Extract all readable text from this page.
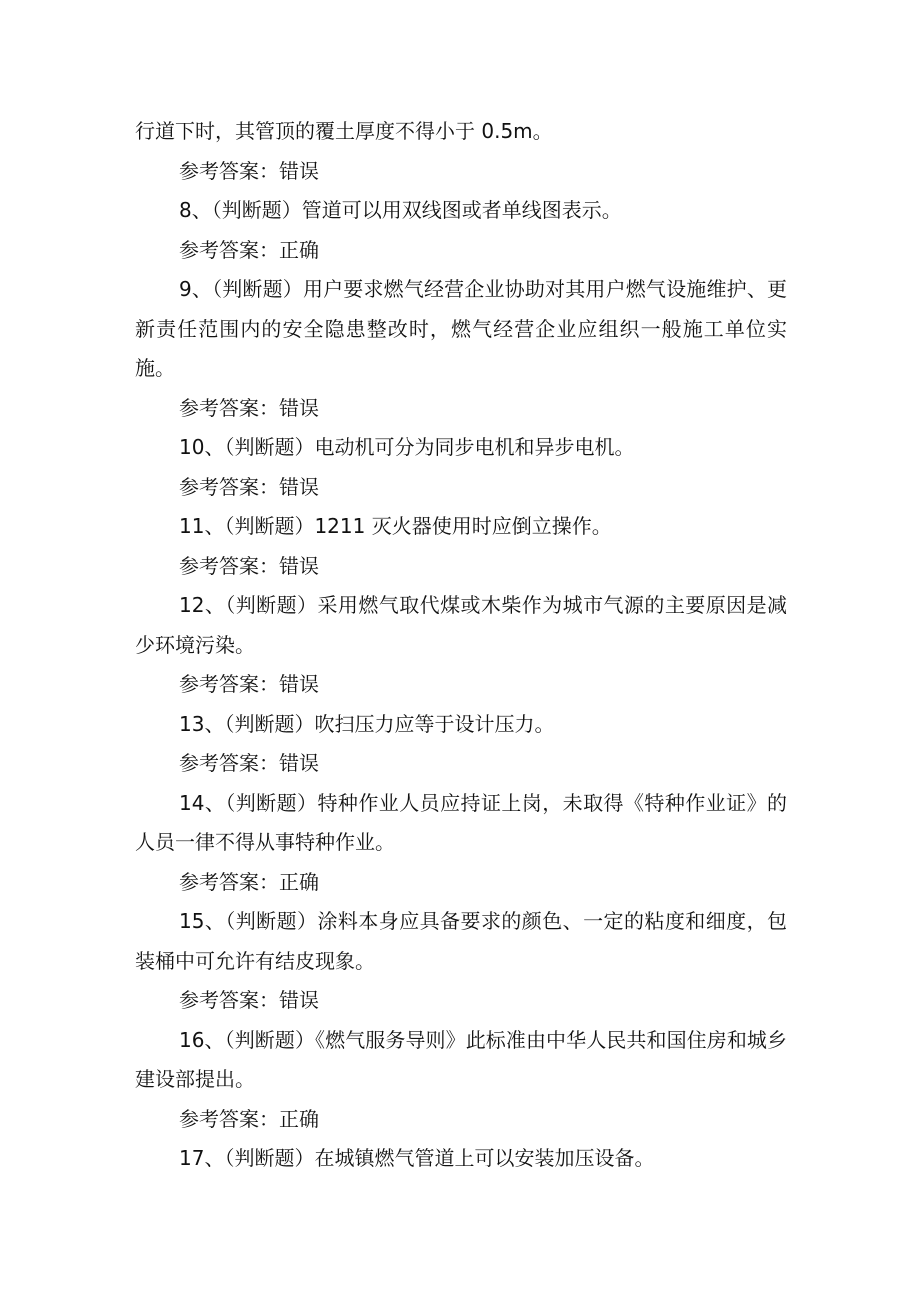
行道下时，其管顶的覆土厚度不得小于 0.5m。

参考答案：错误

8、（判断题）管道可以用双线图或者单线图表示。

参考答案：正确

9、（判断题）用户要求燃气经营企业协助对其用户燃气设施维护、更新责任范围内的安全隐患整改时，燃气经营企业应组织一般施工单位实施。

参考答案：错误

10、（判断题）电动机可分为同步电机和异步电机。

参考答案：错误

11、（判断题）1211 灭火器使用时应倒立操作。

参考答案：错误

12、（判断题）采用燃气取代煤或木柴作为城市气源的主要原因是减少环境污染。

参考答案：错误

13、（判断题）吹扫压力应等于设计压力。

参考答案：错误

14、（判断题）特种作业人员应持证上岗，未取得《特种作业证》的人员一律不得从事特种作业。

参考答案：正确

15、（判断题）涂料本身应具备要求的颜色、一定的粘度和细度，包装桶中可允许有结皮现象。

参考答案：错误

16、（判断题）《燃气服务导则》此标准由中华人民共和国住房和城乡建设部提出。

参考答案：正确

17、（判断题）在城镇燃气管道上可以安装加压设备。
